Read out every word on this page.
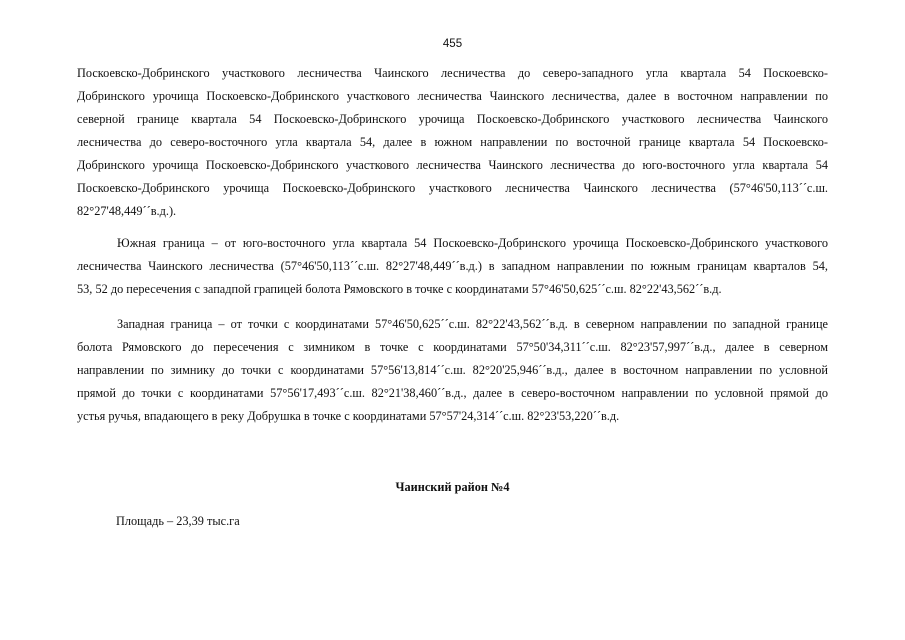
455
Поскоевско-Добринского участкового лесничества Чаинского лесничества до северо-западного угла квартала 54 Поскоевско-
Добринского урочища Поскоевско-Добринского участкового лесничества Чаинского лесничества, далее в восточном направлении по
северной границе квартала 54 Поскоевско-Добринского урочища Поскоевско-Добринского участкового лесничества Чаинского
лесничества до северо-восточного угла квартала 54, далее в южном направлении по восточной границе квартала 54 Поскоевско-
Добринского урочища Поскоевско-Добринского участкового лесничества Чаинского лесничества до юго-восточного угла квартала 54
Поскоевско-Добринского урочища Поскоевско-Добринского участкового лесничества Чаинского лесничества (57°46'50,113´´с.ш.
82°27'48,449´´в.д.).
Южная граница – от юго-восточного угла квартала 54 Поскоевско-Добринского урочища Поскоевско-Добринского участкового
лесничества Чаинского лесничества (57°46'50,113´´с.ш. 82°27'48,449´´в.д.) в западном направлении по южным границам кварталов 54,
53, 52 до пересечения с западпой грапицей болота Рямовского в точке с координатами 57°46'50,625´´с.ш. 82°22'43,562´´в.д.
Западная граница – от точки с координатами 57°46'50,625´´с.ш. 82°22'43,562´´в.д. в северном направлении по западной границе
болота Рямовского до пересечения с зимником в точке с координатами 57°50'34,311´´с.ш. 82°23'57,997´´в.д., далее в северном
направлении по зимнику до точки с координатами 57°56'13,814´´с.ш. 82°20'25,946´´в.д., далее в восточном направлении по условной
прямой до точки с координатами 57°56'17,493´´с.ш. 82°21'38,460´´в.д., далее в северо-восточном направлении по условной прямой до
устья ручья, впадающего в реку Добрушка в точке с координатами 57°57'24,314´´с.ш. 82°23'53,220´´в.д.
Чаинский район №4
Площадь – 23,39 тыс.га
